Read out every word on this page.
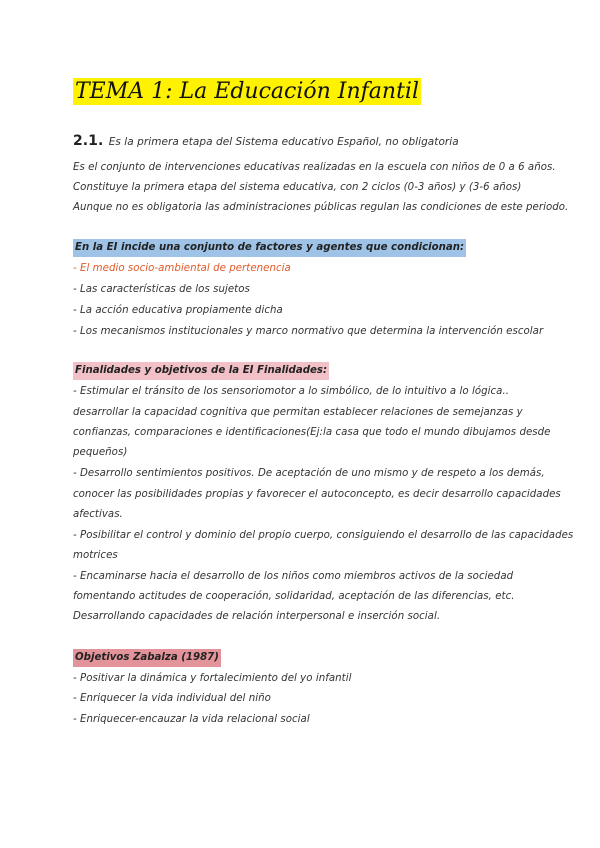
TEMA 1: La Educación Infantil
2.1. Es la primera etapa del Sistema educativo Español, no obligatoria
Es el conjunto de intervenciones educativas realizadas en la escuela con niños de 0 a 6 años.
Constituye la primera etapa del sistema educativa, con 2 ciclos (0-3 años) y (3-6 años)
Aunque no es obligatoria las administraciones públicas regulan las condiciones de este periodo.
En la EI incide una conjunto de factores y agentes que condicionan:
- El medio socio-ambiental de pertenencia
- Las características de los sujetos
- La acción educativa propiamente dicha
- Los mecanismos institucionales y marco normativo que determina la intervención escolar
Finalidades y objetivos de la EI Finalidades:
- Estimular el tránsito de los sensoriomotor a lo simbólico, de lo intuitivo a lo lógica..
desarrollar la capacidad cognitiva que permitan establecer relaciones de semejanzas y
confianzas, comparaciones e identificaciones(Ej:la casa que todo el mundo dibujamos desde
pequeños)
- Desarrollo sentimientos positivos. De aceptación de uno mismo y de respeto a los demás,
conocer las posibilidades propias y favorecer el autoconcepto, es decir desarrollo capacidades
afectivas.
- Posibilitar el control y dominio del propio cuerpo, consiguiendo el desarrollo de las capacidades
motrices
- Encaminarse hacia el desarrollo de los niños como miembros activos de la sociedad
fomentando actitudes de cooperación, solidaridad, aceptación de las diferencias, etc.
Desarrollando capacidades de relación interpersonal e inserción social.
Objetivos Zabalza (1987)
- Positivar la dinámica y fortalecimiento del yo infantil
- Enriquecer la vida individual del niño
- Enriquecer-encauzar la vida relacional social
